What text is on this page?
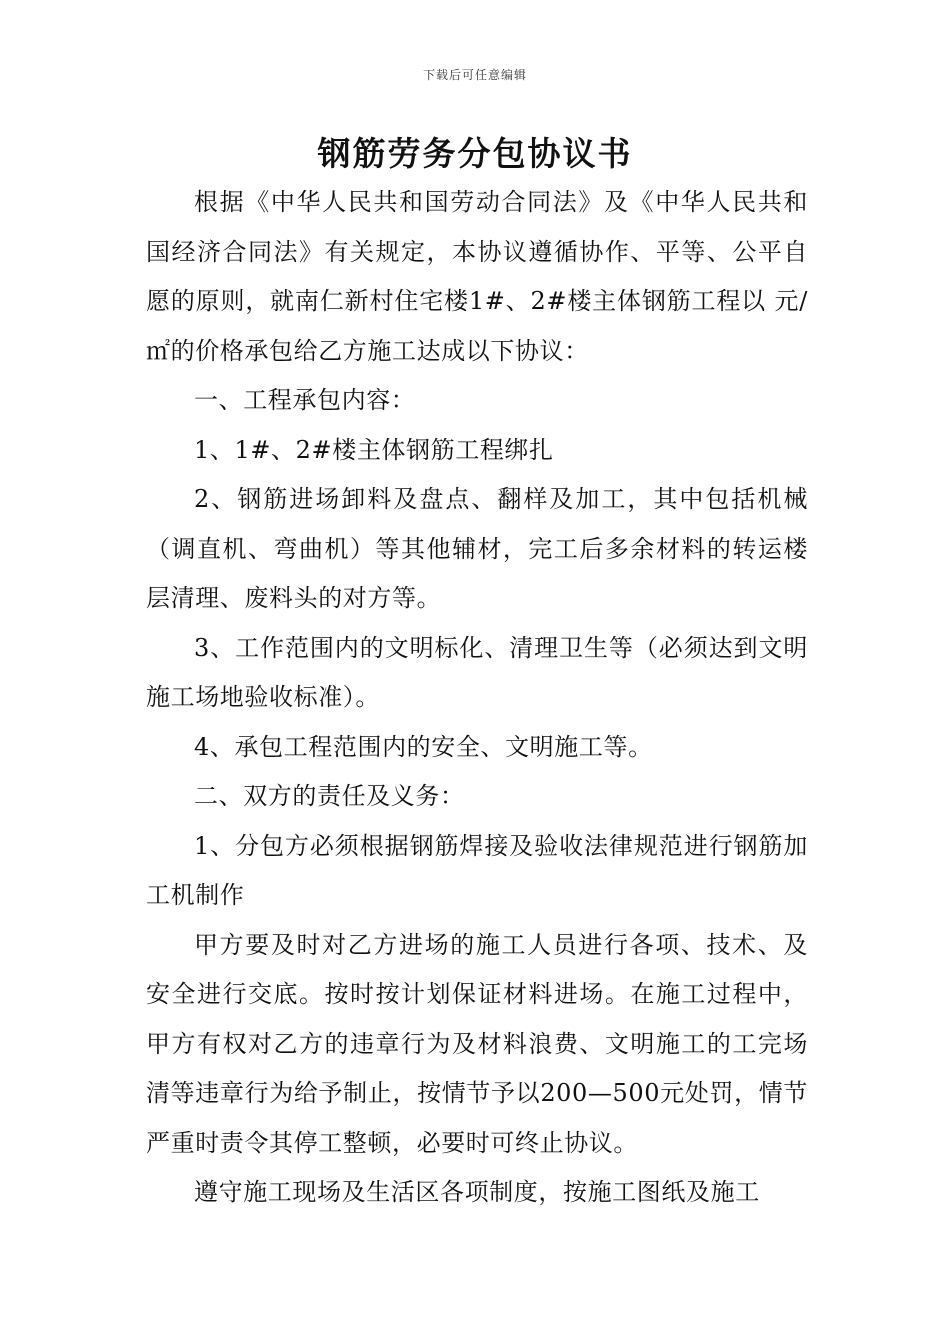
下载后可任意编辑
钢筋劳务分包协议书

根据《中华人民共和国劳动合同法》及《中华人民共和国经济合同法》有关规定，本协议遵循协作、平等、公平自愿的原则，就南仁新村住宅楼1#、2#楼主体钢筋工程以 元/㎡的价格承包给乙方施工达成以下协议：

一、工程承包内容：

1、1#、2#楼主体钢筋工程绑扎

2、钢筋进场卸料及盘点、翻样及加工，其中包括机械（调直机、弯曲机）等其他辅材，完工后多余材料的转运楼层清理、废料头的对方等。

3、工作范围内的文明标化、清理卫生等（必须达到文明施工场地验收标准）。

4、承包工程范围内的安全、文明施工等。

二、双方的责任及义务：

1、分包方必须根据钢筋焊接及验收法律规范进行钢筋加工机制作

甲方要及时对乙方进场的施工人员进行各项、技术、及安全进行交底。按时按计划保证材料进场。在施工过程中，甲方有权对乙方的违章行为及材料浪费、文明施工的工完场清等违章行为给予制止，按情节予以200—500元处罚，情节严重时责令其停工整顿，必要时可终止协议。

遵守施工现场及生活区各项制度，按施工图纸及施工
